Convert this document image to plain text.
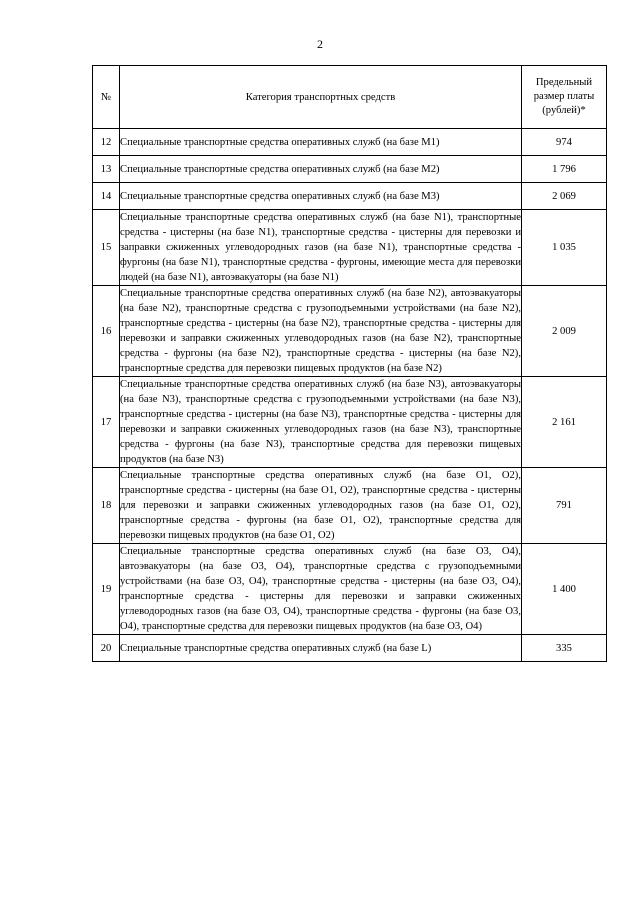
2
№	Категория транспортных средств	Предельный размер платы (рублей)*
12	Специальные транспортные средства оперативных служб (на базе M1)	974
13	Специальные транспортные средства оперативных служб (на базе M2)	1 796
14	Специальные транспортные средства оперативных служб (на базе M3)	2 069
15	Специальные транспортные средства оперативных служб (на базе N1), транспортные средства - цистерны (на базе N1), транспортные средства - цистерны для перевозки и заправки сжиженных углеводородных газов (на базе N1), транспортные средства - фургоны (на базе N1), транспортные средства - фургоны, имеющие места для перевозки людей (на базе N1), автоэвакуаторы (на базе N1)	1 035
16	Специальные транспортные средства оперативных служб (на базе N2), автоэвакуаторы (на базе N2), транспортные средства с грузоподъемными устройствами (на базе N2), транспортные средства - цистерны (на базе N2), транспортные средства - цистерны для перевозки и заправки сжиженных углеводородных газов (на базе N2), транспортные средства - фургоны (на базе N2), транспортные средства - цистерны (на базе N2), транспортные средства для перевозки пищевых продуктов (на базе N2)	2 009
17	Специальные транспортные средства оперативных служб (на базе N3), автоэвакуаторы (на базе N3), транспортные средства с грузоподъемными устройствами (на базе N3), транспортные средства - цистерны (на базе N3), транспортные средства - цистерны для перевозки и заправки сжиженных углеводородных газов (на базе N3), транспортные средства - фургоны (на базе N3), транспортные средства для перевозки пищевых продуктов (на базе N3)	2 161
18	Специальные транспортные средства оперативных служб (на базе O1, O2), транспортные средства - цистерны (на базе O1, O2), транспортные средства - цистерны для перевозки и заправки сжиженных углеводородных газов (на базе O1, O2), транспортные средства - фургоны (на базе O1, O2), транспортные средства для перевозки пищевых продуктов (на базе O1, O2)	791
19	Специальные транспортные средства оперативных служб (на базе O3, O4), автоэвакуаторы (на базе O3, O4), транспортные средства с грузоподъемными устройствами (на базе O3, O4), транспортные средства - цистерны (на базе O3, O4), транспортные средства - цистерны для перевозки и заправки сжиженных углеводородных газов (на базе O3, O4), транспортные средства - фургоны (на базе O3, O4), транспортные средства для перевозки пищевых продуктов (на базе O3, O4)	1 400
20	Специальные транспортные средства оперативных служб (на базе L)	335
